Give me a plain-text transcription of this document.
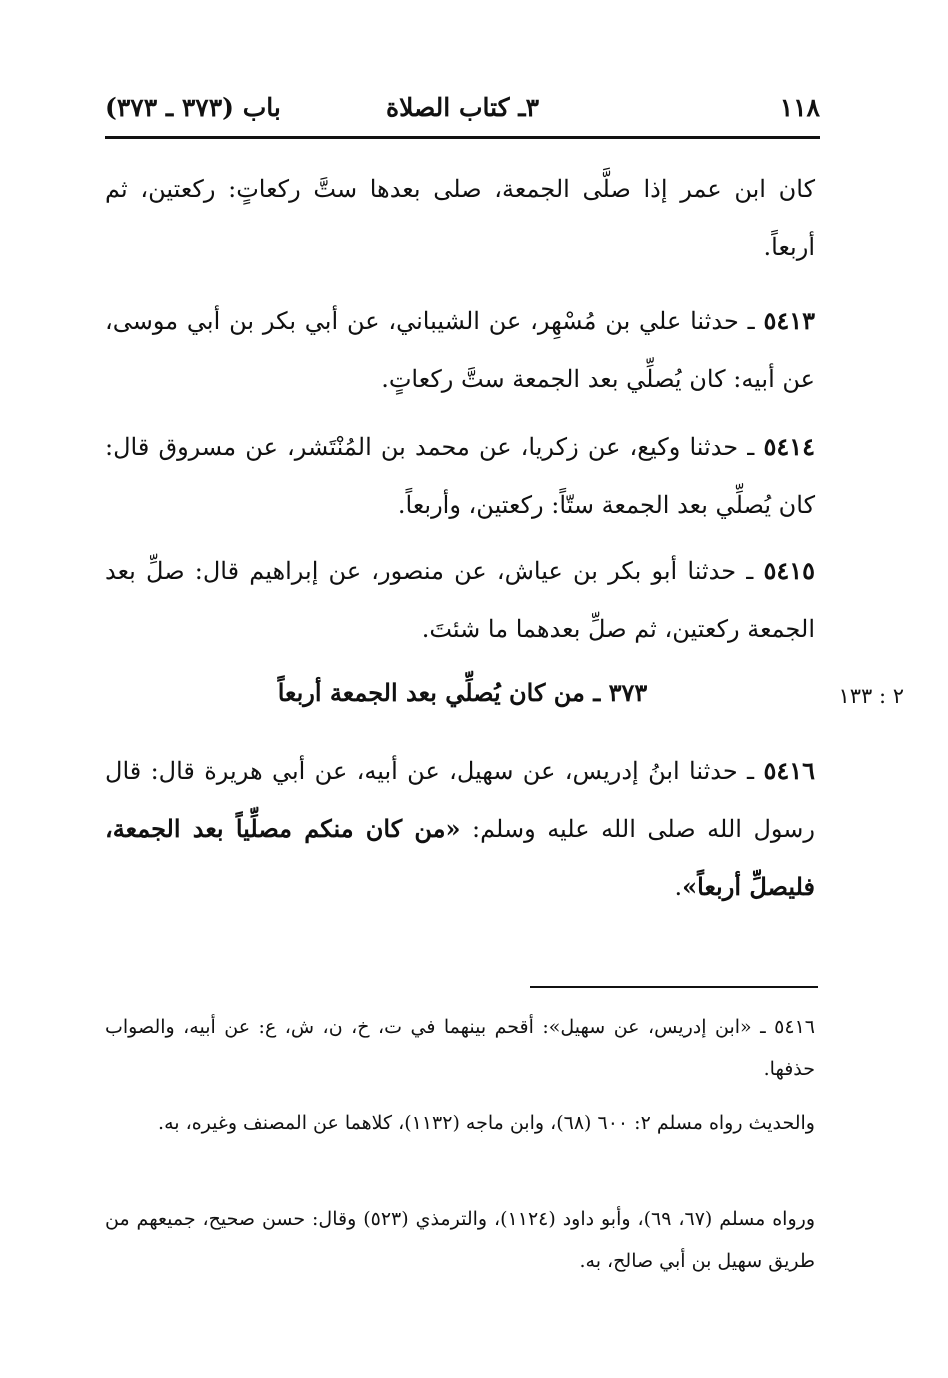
١١٨
٣ـ كتاب الصلاة
باب (٣٧٣ ـ ٣٧٣)

كان ابن عمر إذا صلَّى الجمعة، صلى بعدها ستَّ ركعاتٍ: ركعتين، ثم أربعاً.

٥٤١٣ ـ حدثنا علي بن مُسْهِر، عن الشيباني، عن أبي بكر بن أبي موسى، عن أبيه: كان يُصلِّي بعد الجمعة ستَّ ركعاتٍ.

٥٤١٤ ـ حدثنا وكيع، عن زكريا، عن محمد بن المُنْتَشر، عن مسروق قال: كان يُصلِّي بعد الجمعة ستّاً: ركعتين، وأربعاً.

٥٤١٥ ـ حدثنا أبو بكر بن عياش، عن منصور، عن إبراهيم قال: صلِّ بعد الجمعة ركعتين، ثم صلِّ بعدهما ما شئتَ.

٣٧٣ ـ من كان يُصلِّي بعد الجمعة أربعاً	٢ : ١٣٣

٥٤١٦ ـ حدثنا ابنُ إدريس، عن سهيل، عن أبيه، عن أبي هريرة قال: قال رسول الله صلى الله عليه وسلم: «من كان منكم مصلِّياً بعد الجمعة، فليصلِّ أربعاً».

٥٤١٦ ـ «ابن إدريس، عن سهيل»: أقحم بينهما في ت، خ، ن، ش، ع: عن أبيه، والصواب حذفها.

والحديث رواه مسلم ٢: ٦٠٠ (٦٨)، وابن ماجه (١١٣٢)، كلاهما عن المصنف وغيره، به.

ورواه مسلم (٦٧، ٦٩)، وأبو داود (١١٢٤)، والترمذي (٥٢٣) وقال: حسن صحيح، جميعهم من طريق سهيل بن أبي صالح، به.
